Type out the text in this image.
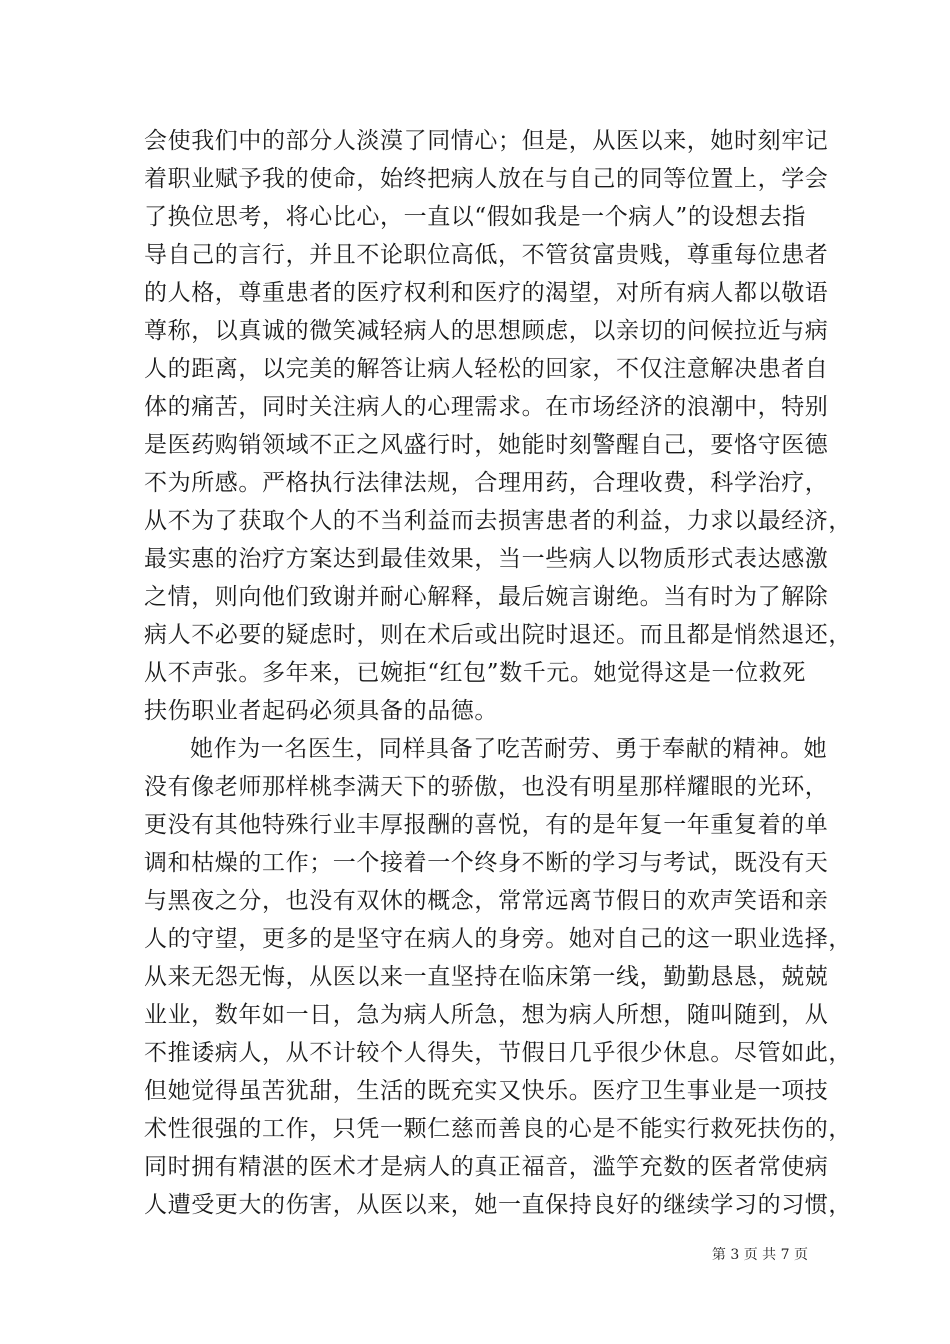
会使我们中的部分人淡漠了同情心；但是，从医以来，她时刻牢记
着职业赋予我的使命，始终把病人放在与自己的同等位置上，学会
了换位思考，将心比心，一直以“假如我是一个病人”的设想去指
导自己的言行，并且不论职位高低，不管贫富贵贱，尊重每位患者
的人格，尊重患者的医疗权利和医疗的渴望，对所有病人都以敬语
尊称，以真诚的微笑减轻病人的思想顾虑，以亲切的问候拉近与病
人的距离，以完美的解答让病人轻松的回家，不仅注意解决患者自
体的痛苦，同时关注病人的心理需求。在市场经济的浪潮中，特别
是医药购销领域不正之风盛行时，她能时刻警醒自己，要恪守医德
不为所感。严格执行法律法规，合理用药，合理收费，科学治疗，
从不为了获取个人的不当利益而去损害患者的利益，力求以最经济，
最实惠的治疗方案达到最佳效果，当一些病人以物质形式表达感激
之情，则向他们致谢并耐心解释，最后婉言谢绝。当有时为了解除
病人不必要的疑虑时，则在术后或出院时退还。而且都是悄然退还，
从不声张。多年来，已婉拒“红包”数千元。她觉得这是一位救死
扶伤职业者起码必须具备的品德。
她作为一名医生，同样具备了吃苦耐劳、勇于奉献的精神。她
没有像老师那样桃李满天下的骄傲，也没有明星那样耀眼的光环，
更没有其他特殊行业丰厚报酬的喜悦，有的是年复一年重复着的单
调和枯燥的工作；一个接着一个终身不断的学习与考试，既没有天
与黑夜之分，也没有双休的概念，常常远离节假日的欢声笑语和亲
人的守望，更多的是坚守在病人的身旁。她对自己的这一职业选择，
从来无怨无悔，从医以来一直坚持在临床第一线，勤勤恳恳，兢兢
业业，数年如一日，急为病人所急，想为病人所想，随叫随到，从
不推诿病人，从不计较个人得失，节假日几乎很少休息。尽管如此，
但她觉得虽苦犹甜，生活的既充实又快乐。医疗卫生事业是一项技
术性很强的工作，只凭一颗仁慈而善良的心是不能实行救死扶伤的，
同时拥有精湛的医术才是病人的真正福音，滥竽充数的医者常使病
人遭受更大的伤害，从医以来，她一直保持良好的继续学习的习惯，
第 3 页 共 7 页
